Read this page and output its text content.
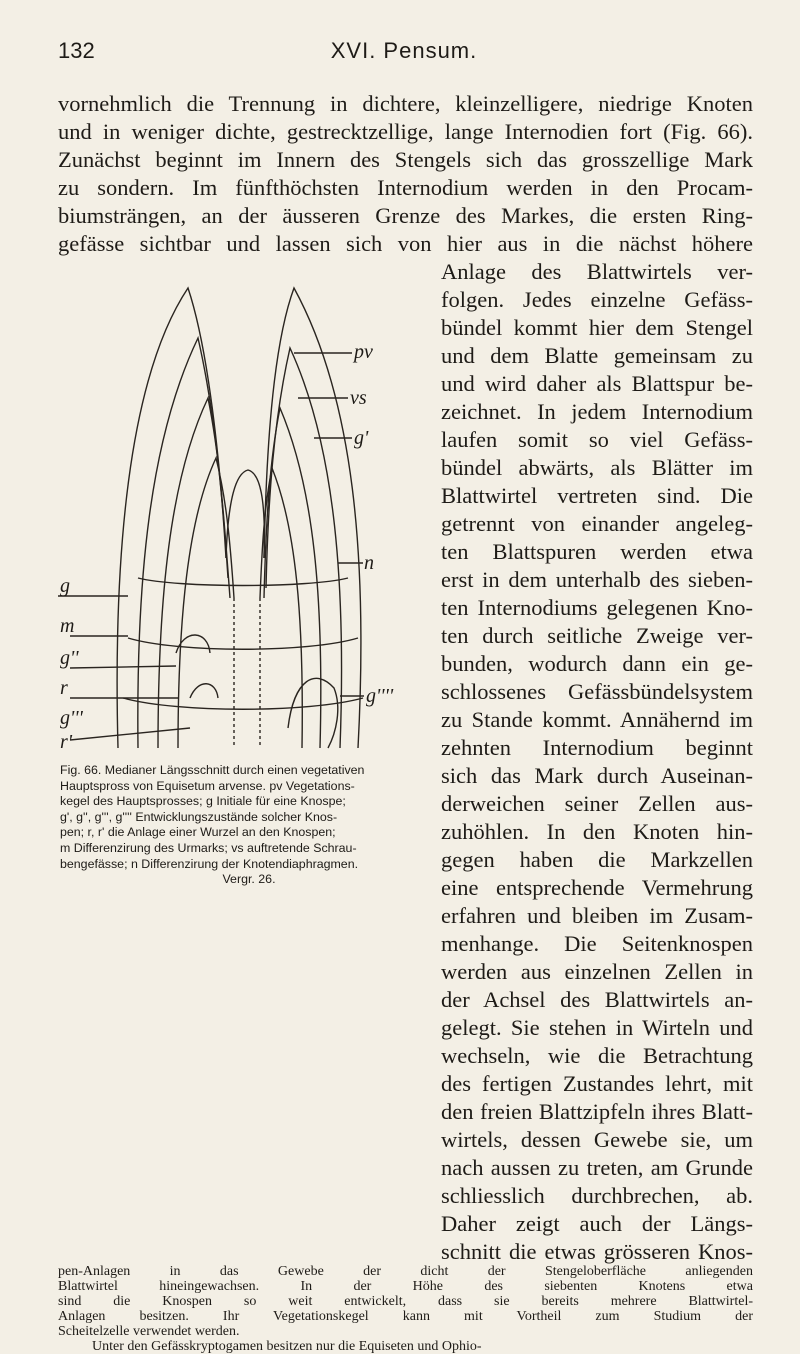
132	XVI. Pensum.
vornehmlich die Trennung in dichtere, kleinzelligere, niedrige Knoten
und in weniger dichte, gestrecktzellige, lange Internodien fort (Fig. 66).
Zunächst beginnt im Innern des Stengels sich das grosszellige Mark
zu sondern. Im fünfthöchsten Internodium werden in den Procam-
biumsträngen, an der äusseren Grenze des Markes, die ersten Ring-
gefässe sichtbar und lassen sich von hier aus in die nächst höhere
Anlage des Blattwirtels ver-
folgen. Jedes einzelne Gefäss-
bündel kommt hier dem Stengel
und dem Blatte gemeinsam zu
und wird daher als Blattspur be-
zeichnet. In jedem Internodium
laufen somit so viel Gefäss-
bündel abwärts, als Blätter im
Blattwirtel vertreten sind. Die
getrennt von einander angeleg-
ten Blattspuren werden etwa
erst in dem unterhalb des sieben-
ten Internodiums gelegenen Kno-
ten durch seitliche Zweige ver-
bunden, wodurch dann ein ge-
schlossenes Gefässbündelsystem
zu Stande kommt. Annähernd im
zehnten Internodium beginnt
sich das Mark durch Auseinan-
derweichen seiner Zellen aus-
zuhöhlen. In den Knoten hin-
gegen haben die Markzellen
eine entsprechende Vermehrung
erfahren und bleiben im Zusam-
menhange. Die Seitenknospen
werden aus einzelnen Zellen in
der Achsel des Blattwirtels an-
gelegt. Sie stehen in Wirteln und
wechseln, wie die Betrachtung
des fertigen Zustandes lehrt, mit
den freien Blattzipfeln ihres Blatt-
wirtels, dessen Gewebe sie, um
nach aussen zu treten, am Grunde
schliesslich durchbrechen, ab.
Daher zeigt auch der Längs-
schnitt die etwas grösseren Knos-
g
m
g''
r
g'''
r'
pv
vs
g'
n
g''''
Fig. 66. Medianer Längsschnitt durch einen vegetativen
Hauptspross von Equisetum arvense. pv Vegetations-
kegel des Hauptsprosses; g Initiale für eine Knospe;
g', g'', g''', g'''' Entwicklungszustände solcher Knos-
pen; r, r' die Anlage einer Wurzel an den Knospen;
m Differenzirung des Urmarks; vs auftretende Schrau-
bengefässe; n Differenzirung der Knotendiaphragmen.
Vergr. 26.
pen-Anlagen in das Gewebe der dicht der Stengeloberfläche anliegenden
Blattwirtel hineingewachsen. In der Höhe des siebenten Knotens etwa
sind die Knospen so weit entwickelt, dass sie bereits mehrere Blattwirtel-
Anlagen besitzen. Ihr Vegetationskegel kann mit Vortheil zum Studium der
Scheitelzelle verwendet werden.
Unter den Gefässkryptogamen besitzen nur die Equiseten und Ophio-
